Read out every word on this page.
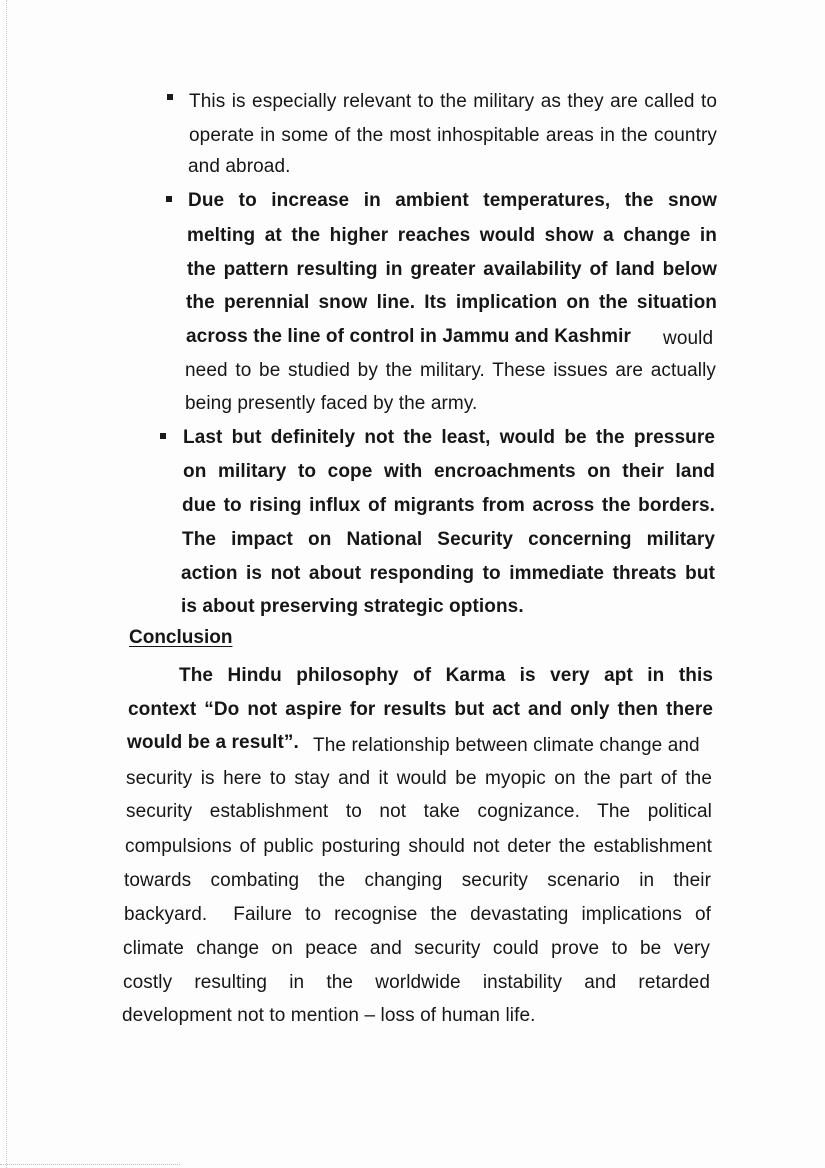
This is especially relevant to the military as they are called to
operate in some of the most inhospitable areas in the country
and abroad.
Due to increase in ambient temperatures, the snow
melting at the higher reaches would show a change in
the pattern resulting in greater availability of land below
the perennial snow line. Its implication on the situation
across the line of control in Jammu and Kashmir would
need to be studied by the military. These issues are actually
being presently faced by the army.
Last but definitely not the least, would be the pressure
on military to cope with encroachments on their land
due to rising influx of migrants from across the borders.
The impact on National Security concerning military
action is not about responding to immediate threats but
is about preserving strategic options.
Conclusion
The Hindu philosophy of Karma is very apt in this
context “Do not aspire for results but act and only then there
would be a result”. The relationship between climate change and
security is here to stay and it would be myopic on the part of the
security establishment to not take cognizance. The political
compulsions of public posturing should not deter the establishment
towards combating the changing security scenario in their
backyard.  Failure to recognise the devastating implications of
climate change on peace and security could prove to be very
costly resulting in the worldwide instability and retarded
development not to mention – loss of human life.
